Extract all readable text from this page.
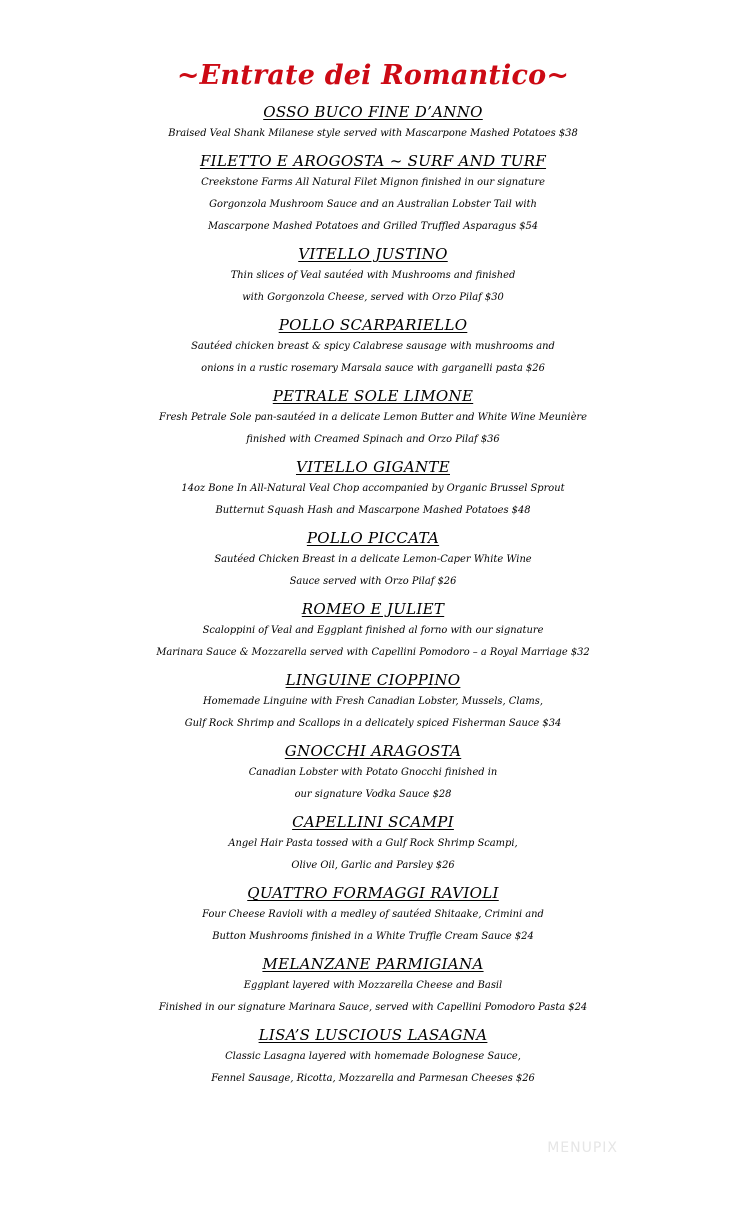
~Entrate dei Romantico~
OSSO BUCO FINE D’ANNO
Braised Veal Shank Milanese style served with Mascarpone Mashed Potatoes $38
FILETTO E AROGOSTA ~ SURF AND TURF
Creekstone Farms All Natural Filet Mignon finished in our signature
Gorgonzola Mushroom Sauce and an Australian Lobster Tail with
Mascarpone Mashed Potatoes and Grilled Truffled Asparagus $54
VITELLO JUSTINO
Thin slices of Veal sautéed with Mushrooms and finished
with Gorgonzola Cheese, served with Orzo Pilaf $30
POLLO SCARPARIELLO
Sautéed chicken breast & spicy Calabrese sausage with mushrooms and
onions in a rustic rosemary Marsala sauce with garganelli pasta $26
PETRALE SOLE LIMONE
Fresh Petrale Sole pan-sautéed in a delicate Lemon Butter and White Wine Meunière
finished with Creamed Spinach and Orzo Pilaf $36
VITELLO GIGANTE
14oz Bone In All-Natural Veal Chop accompanied by Organic Brussel Sprout
Butternut Squash Hash and Mascarpone Mashed Potatoes $48
POLLO PICCATA
Sautéed Chicken Breast in a delicate Lemon-Caper White Wine
Sauce served with Orzo Pilaf $26
ROMEO E JULIET
Scaloppini of Veal and Eggplant finished al forno with our signature
Marinara Sauce & Mozzarella served with Capellini Pomodoro – a Royal Marriage $32
LINGUINE CIOPPINO
Homemade Linguine with Fresh Canadian Lobster, Mussels, Clams,
Gulf Rock Shrimp and Scallops in a delicately spiced Fisherman Sauce $34
GNOCCHI ARAGOSTA
Canadian Lobster with Potato Gnocchi finished in
our signature Vodka Sauce $28
CAPELLINI SCAMPI
Angel Hair Pasta tossed with a Gulf Rock Shrimp Scampi,
Olive Oil, Garlic and Parsley $26
QUATTRO FORMAGGI RAVIOLI
Four Cheese Ravioli with a medley of sautéed Shitaake, Crimini and
Button Mushrooms finished in a White Truffle Cream Sauce $24
MELANZANE PARMIGIANA
Eggplant layered with Mozzarella Cheese and Basil
Finished in our signature Marinara Sauce, served with Capellini Pomodoro Pasta $24
LISA’S LUSCIOUS LASAGNA
Classic Lasagna layered with homemade Bolognese Sauce,
Fennel Sausage, Ricotta, Mozzarella and Parmesan Cheeses $26
MENUPIX
